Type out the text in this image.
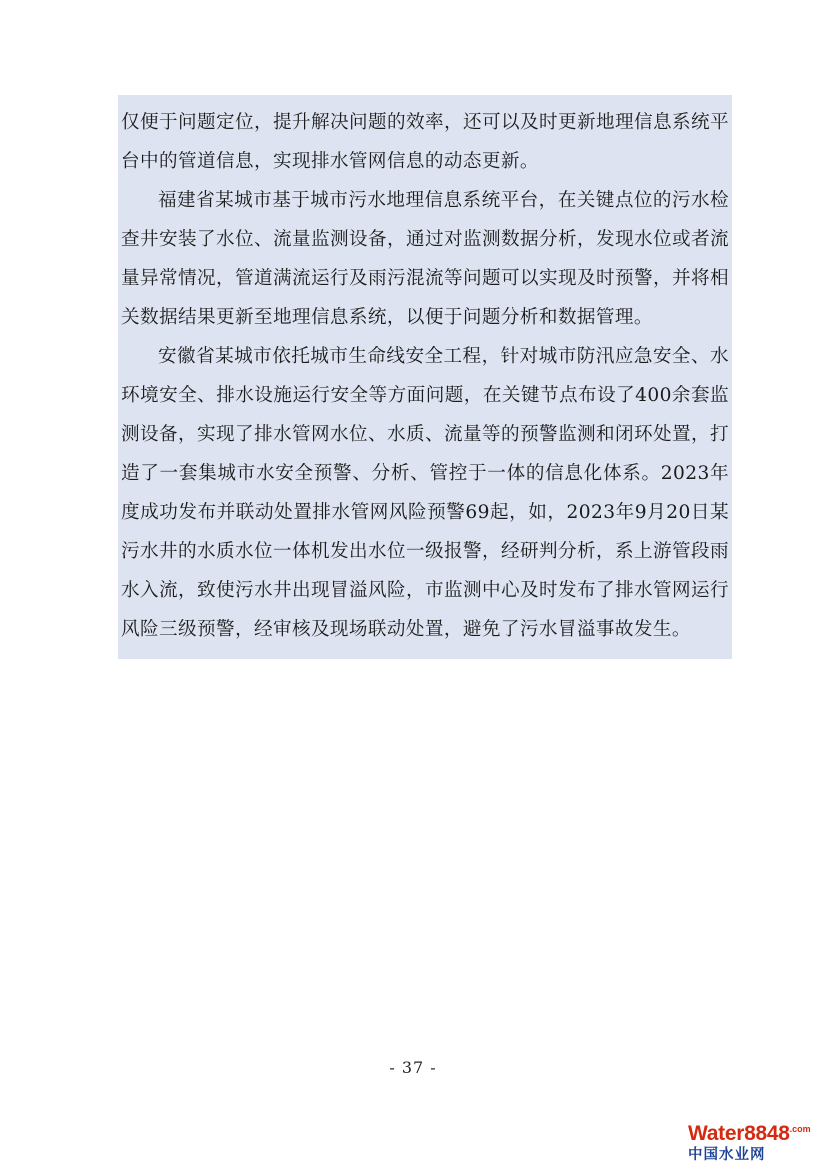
仅便于问题定位，提升解决问题的效率，还可以及时更新地理信息系统平台中的管道信息，实现排水管网信息的动态更新。

福建省某城市基于城市污水地理信息系统平台，在关键点位的污水检查井安装了水位、流量监测设备，通过对监测数据分析，发现水位或者流量异常情况，管道满流运行及雨污混流等问题可以实现及时预警，并将相关数据结果更新至地理信息系统，以便于问题分析和数据管理。

安徽省某城市依托城市生命线安全工程，针对城市防汛应急安全、水环境安全、排水设施运行安全等方面问题，在关键节点布设了400余套监测设备，实现了排水管网水位、水质、流量等的预警监测和闭环处置，打造了一套集城市水安全预警、分析、管控于一体的信息化体系。2023年度成功发布并联动处置排水管网风险预警69起，如，2023年9月20日某污水井的水质水位一体机发出水位一级报警，经研判分析，系上游管段雨水入流，致使污水井出现冒溢风险，市监测中心及时发布了排水管网运行风险三级预警，经审核及现场联动处置，避免了污水冒溢事故发生。

- 37 -
$Water8848^{.com}$
中国水业网
